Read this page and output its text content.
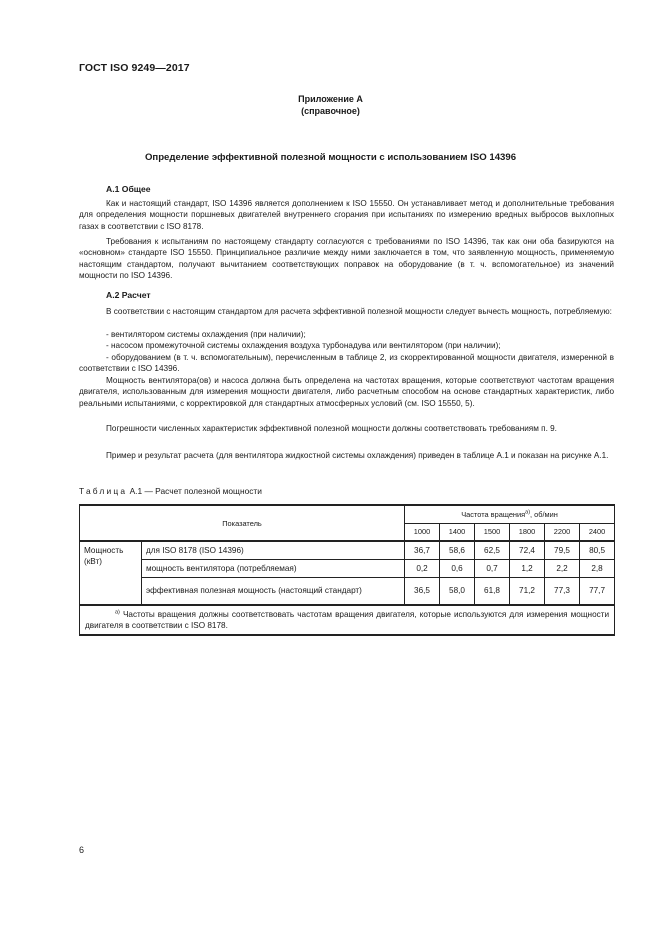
ГОСТ ISO 9249—2017
Приложение А
(справочное)
Определение эффективной полезной мощности с использованием ISO 14396
А.1 Общее

Как и настоящий стандарт, ISO 14396 является дополнением к ISO 15550. Он устанавливает метод и дополнительные требования для определения мощности поршневых двигателей внутреннего сгорания при испытаниях по измерению вредных выбросов выхлопных газах в соответствии с ISO 8178.

Требования к испытаниям по настоящему стандарту согласуются с требованиями по ISO 14396, так как они оба базируются на «основном» стандарте ISO 15550. Принципиальное различие между ними заключается в том, что заявленную мощность, применяемую настоящим стандартом, получают вычитанием соответствующих поправок на оборудование (в т. ч. вспомогательное) из значений мощности по ISO 14396.

А.2 Расчет

В соответствии с настоящим стандартом для расчета эффективной полезной мощности следует вычесть мощность, потребляемую:

- вентилятором системы охлаждения (при наличии);

- насосом промежуточной системы охлаждения воздуха турбонадува или вентилятором (при наличии);

- оборудованием (в т. ч. вспомогательным), перечисленным в таблице 2, из скорректированной мощности двигателя, измеренной в соответствии с ISO 14396.

Мощность вентилятора(ов) и насоса должна быть определена на частотах вращения, которые соответствуют частотам вращения двигателя, использованным для измерения мощности двигателя, либо расчетным способом на основе стандартных характеристик, либо реальными испытаниями, с корректировкой для стандартных атмосферных условий (см. ISO 15550, 5).

Погрешности численных характеристик эффективной полезной мощности должны соответствовать требованиям п. 9.

Пример и результат расчета (для вентилятора жидкостной системы охлаждения) приведен в таблице А.1 и показан на рисунке А.1.

Таблица А.1 — Расчет полезной мощности
Показатель		Частота вращения$^{a)}$, об/мин					
		1000	1400	1500	1800	2200	2400
Мощность (кВт)	для ISO 8178 (ISO 14396)	36,7	58,6	62,5	72,4	79,5	80,5
	мощность вентилятора (потребляемая)	0,2	0,6	0,7	1,2	2,2	2,8
	эффективная полезная мощность (настоящий стандарт)	36,5	58,0	61,8	71,2	77,3	77,7
$^{a)}$ Частоты вращения должны соответствовать частотам вращения двигателя, которые используются для измерения мощности двигателя в соответствии с ISO 8178.							
6
